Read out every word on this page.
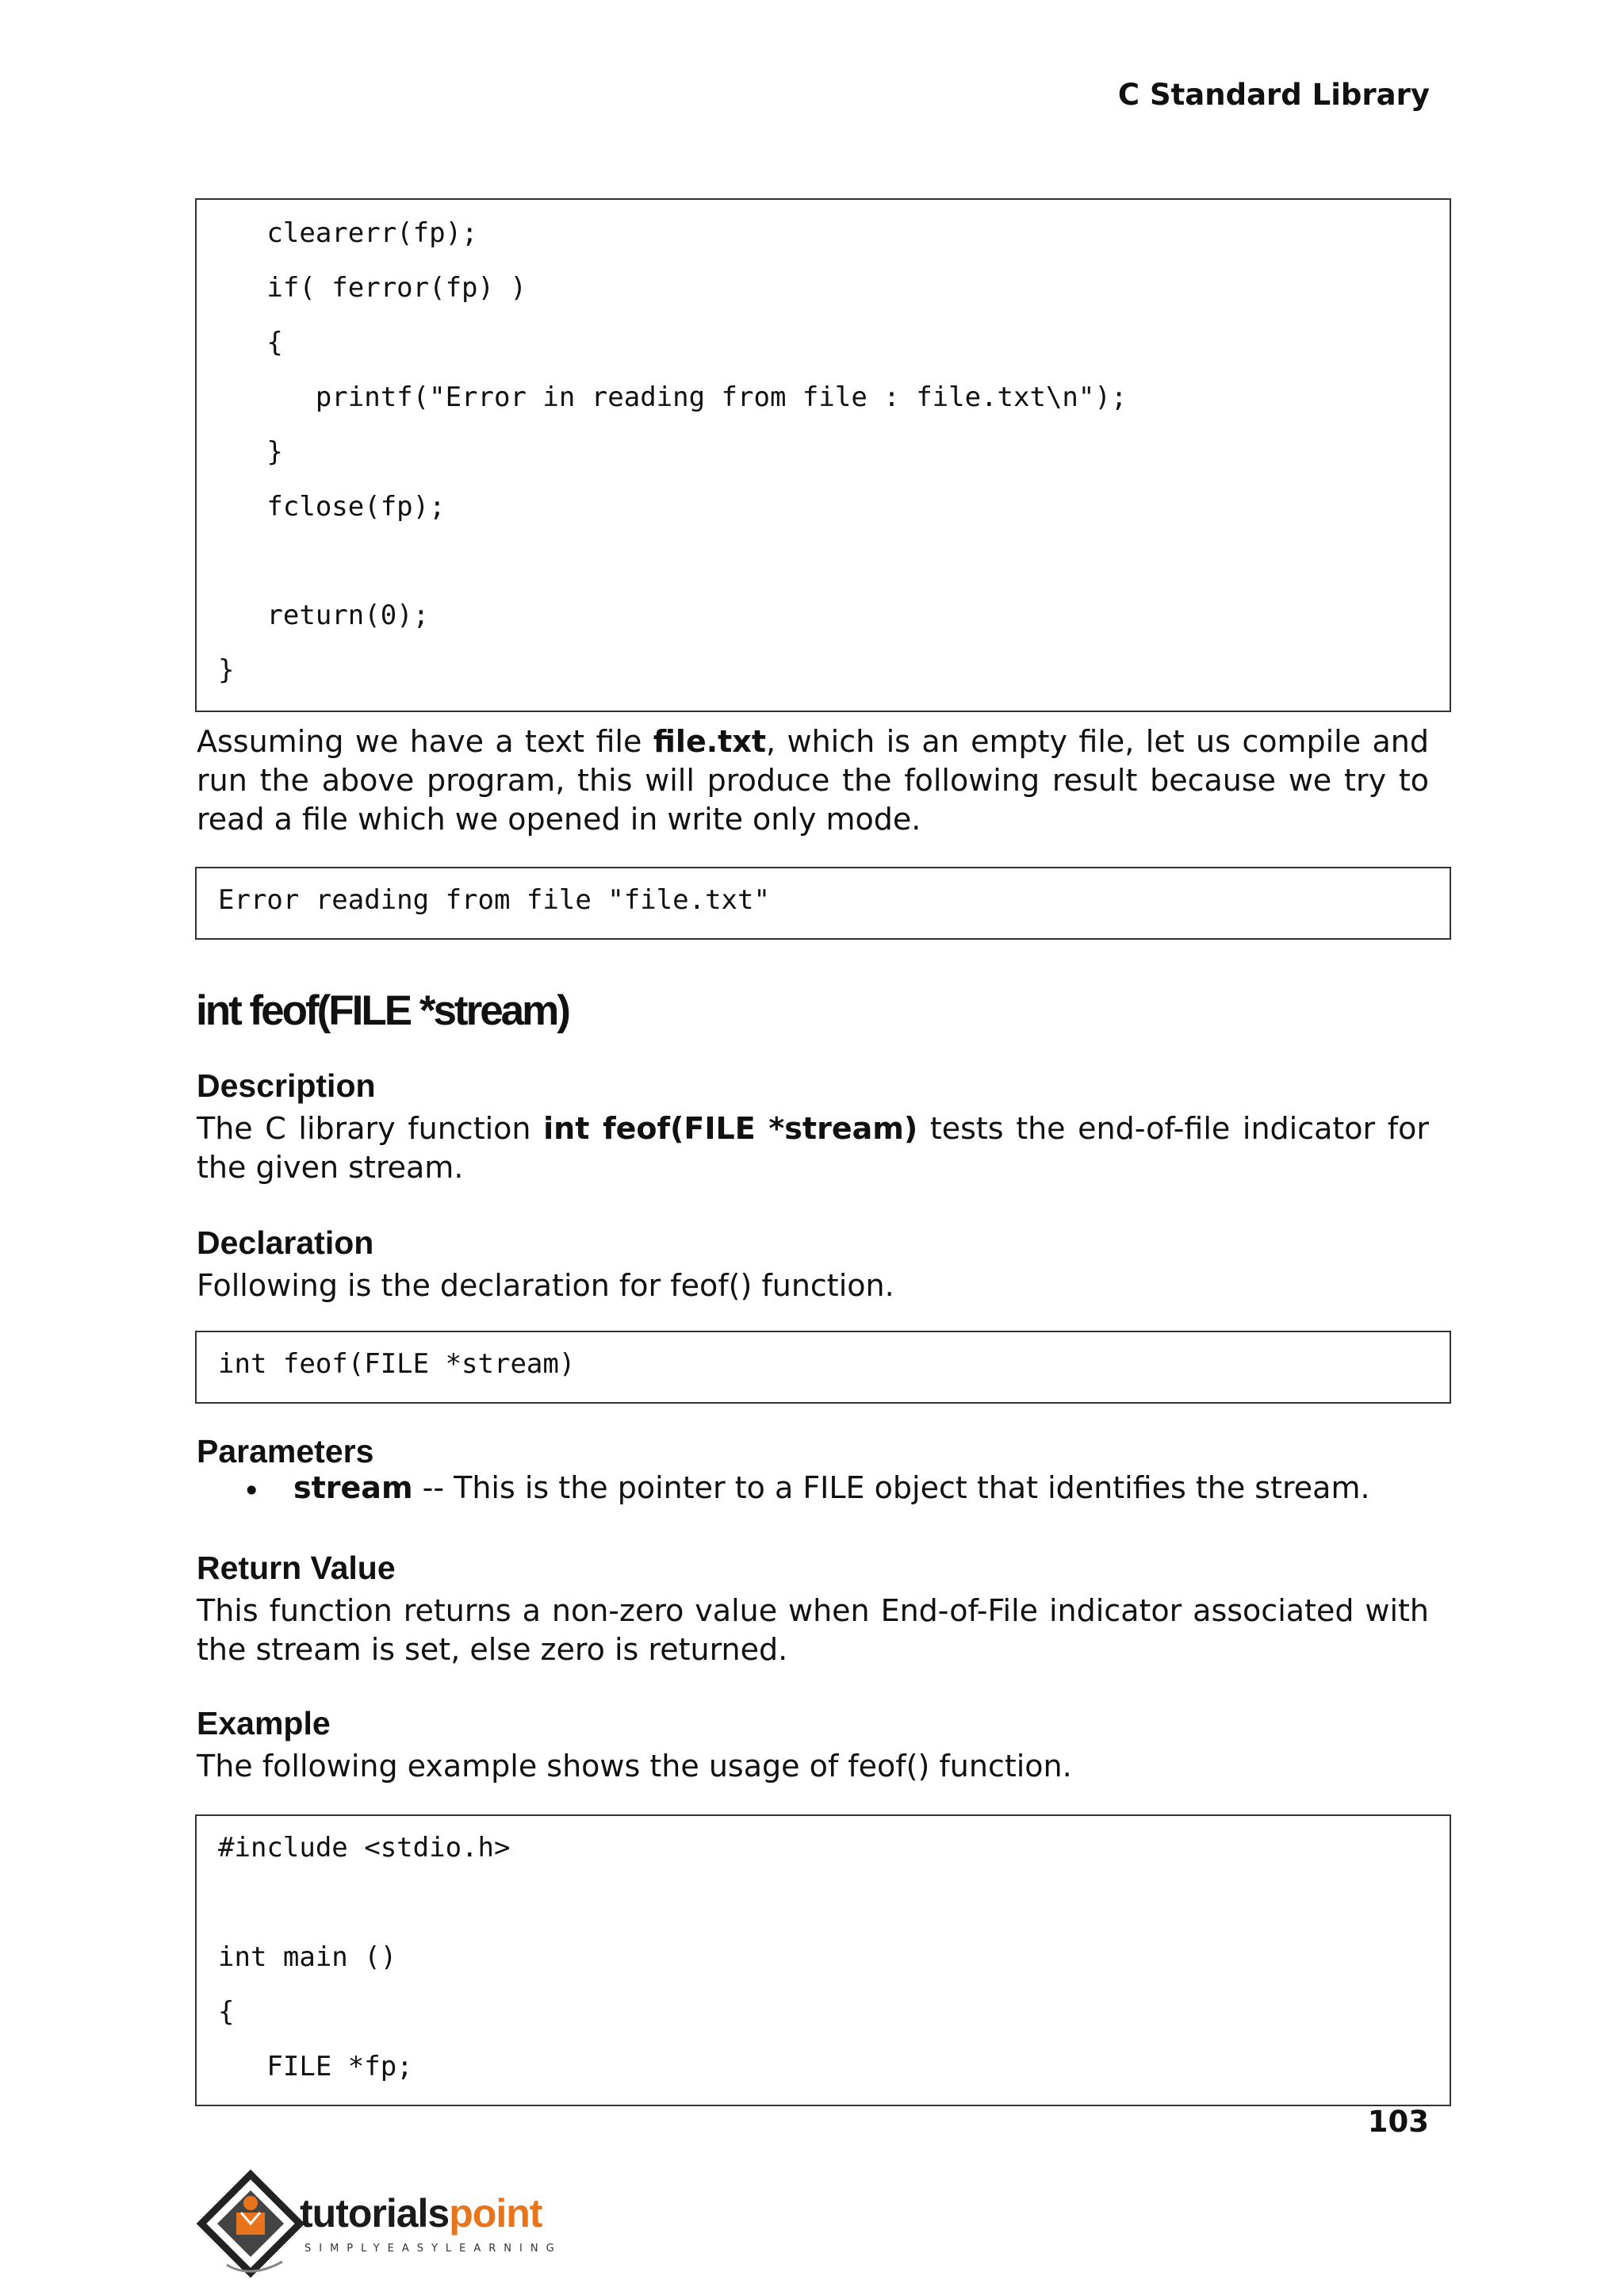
C Standard Library
clearerr(fp);
if( ferror(fp) )
{
printf("Error in reading from file : file.txt\n");
}
fclose(fp);
return(0);
}
Assuming we have a text file file.txt, which is an empty file, let us compile and run the above program, this will produce the following result because we try to read a file which we opened in write only mode.
Error reading from file "file.txt"
int feof(FILE *stream)
Description
The C library function int feof(FILE *stream) tests the end-of-file indicator for the given stream.
Declaration
Following is the declaration for feof() function.
int feof(FILE *stream)
Parameters
• stream -- This is the pointer to a FILE object that identifies the stream.
Return Value
This function returns a non-zero value when End-of-File indicator associated with the stream is set, else zero is returned.
Example
The following example shows the usage of feof() function.
#include <stdio.h>
int main ()
{
FILE *fp;
103
tutorialspoint
SIMPLYEASYLEARNING
